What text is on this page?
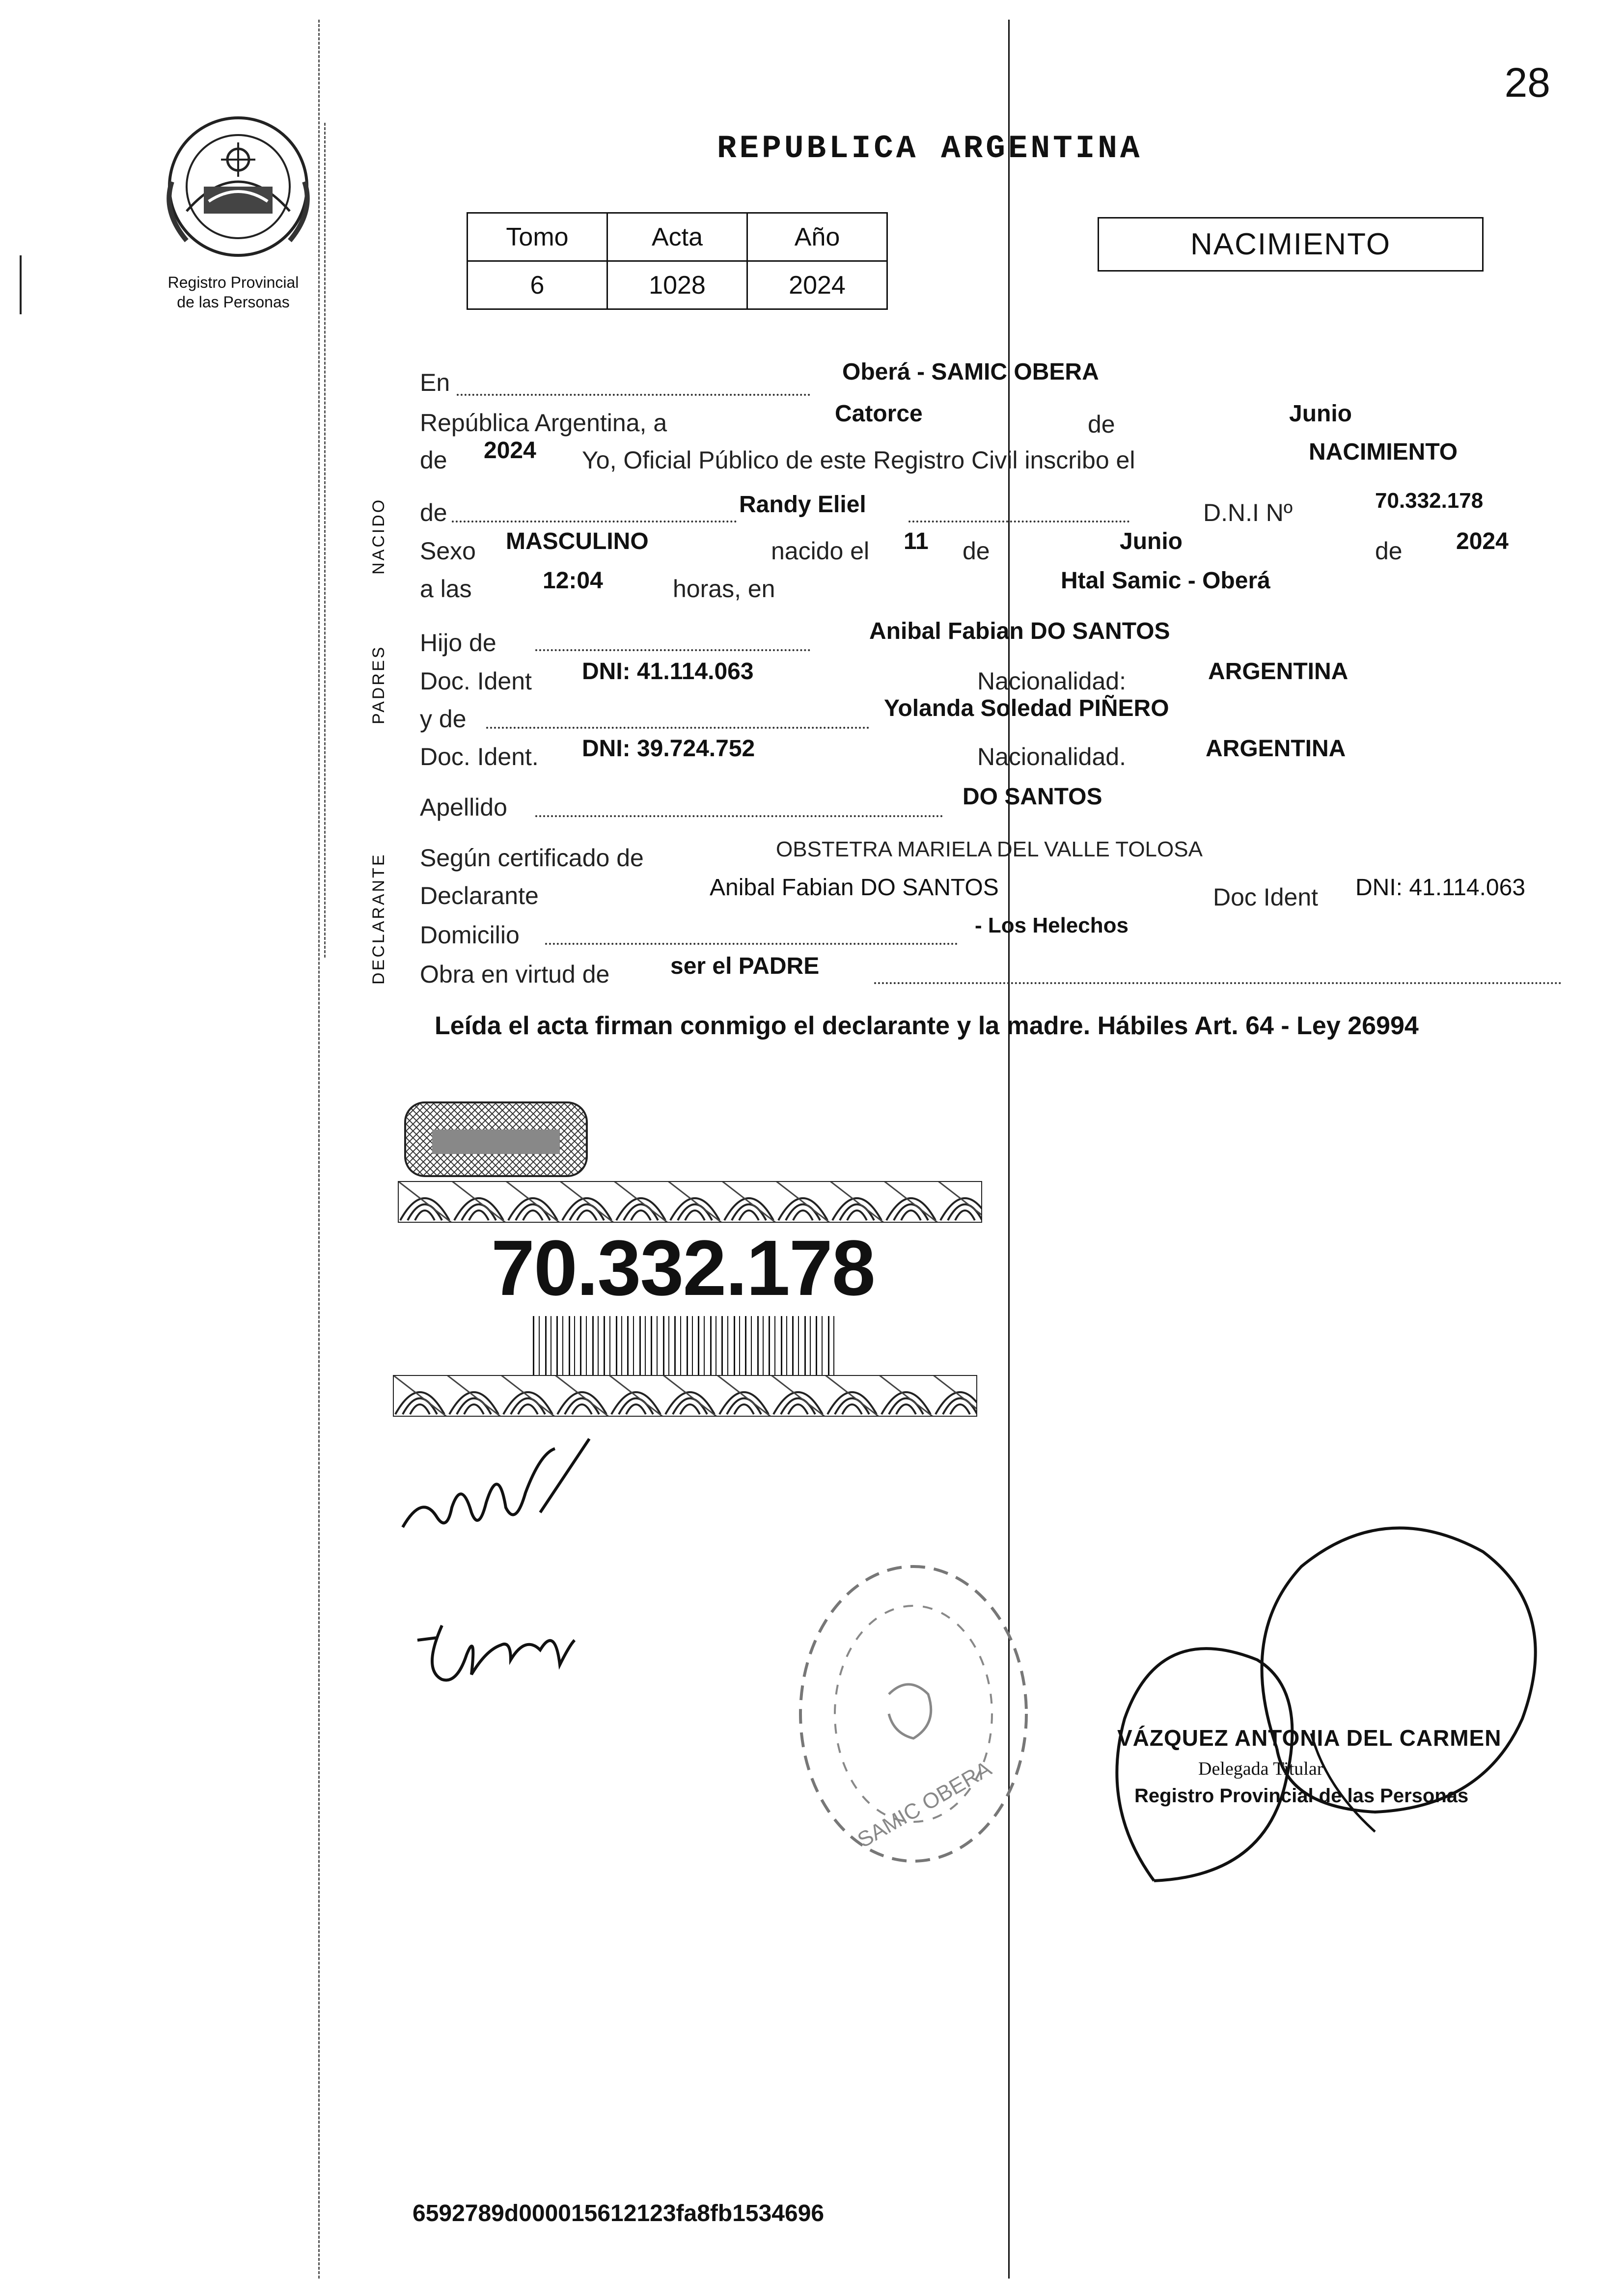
28
Registro Provincial
de las Personas
REPUBLICA ARGENTINA
Tomo	Acta	Año
6	1028	2024
NACIMIENTO
NACIDO
PADRES
DECLARANTE
En	Oberá - SAMIC OBERA
República Argentina, a	Catorce	de	Junio
de 2024 Yo, Oficial Público de este Registro Civil inscribo el	NACIMIENTO
de	Randy Eliel	D.N.I Nº	70.332.178
Sexo MASCULINO	nacido el 11 de	Junio	de 2024
a las	12:04	horas, en	Htal Samic - Oberá
Hijo de	Anibal Fabian DO SANTOS
Doc. Ident DNI: 41.114.063	Nacionalidad:	ARGENTINA
y de	Yolanda Soledad PIÑERO
Doc. Ident. DNI: 39.724.752	Nacionalidad.	ARGENTINA
Apellido	DO SANTOS
Según certificado de	OBSTETRA MARIELA DEL VALLE TOLOSA
Declarante	Anibal Fabian DO SANTOS	Doc Ident DNI: 41.114.063
Domicilio	- Los Helechos
Obra en virtud de	ser el PADRE
Leída el acta firman conmigo el declarante y la madre. Hábiles Art. 64 - Ley 26994
70.332.178
SAMIC OBERA
VÁZQUEZ ANTONIA DEL CARMEN
Delegada Titular
Registro Provincial de las Personas
6592789d000015612123fa8fb1534696
